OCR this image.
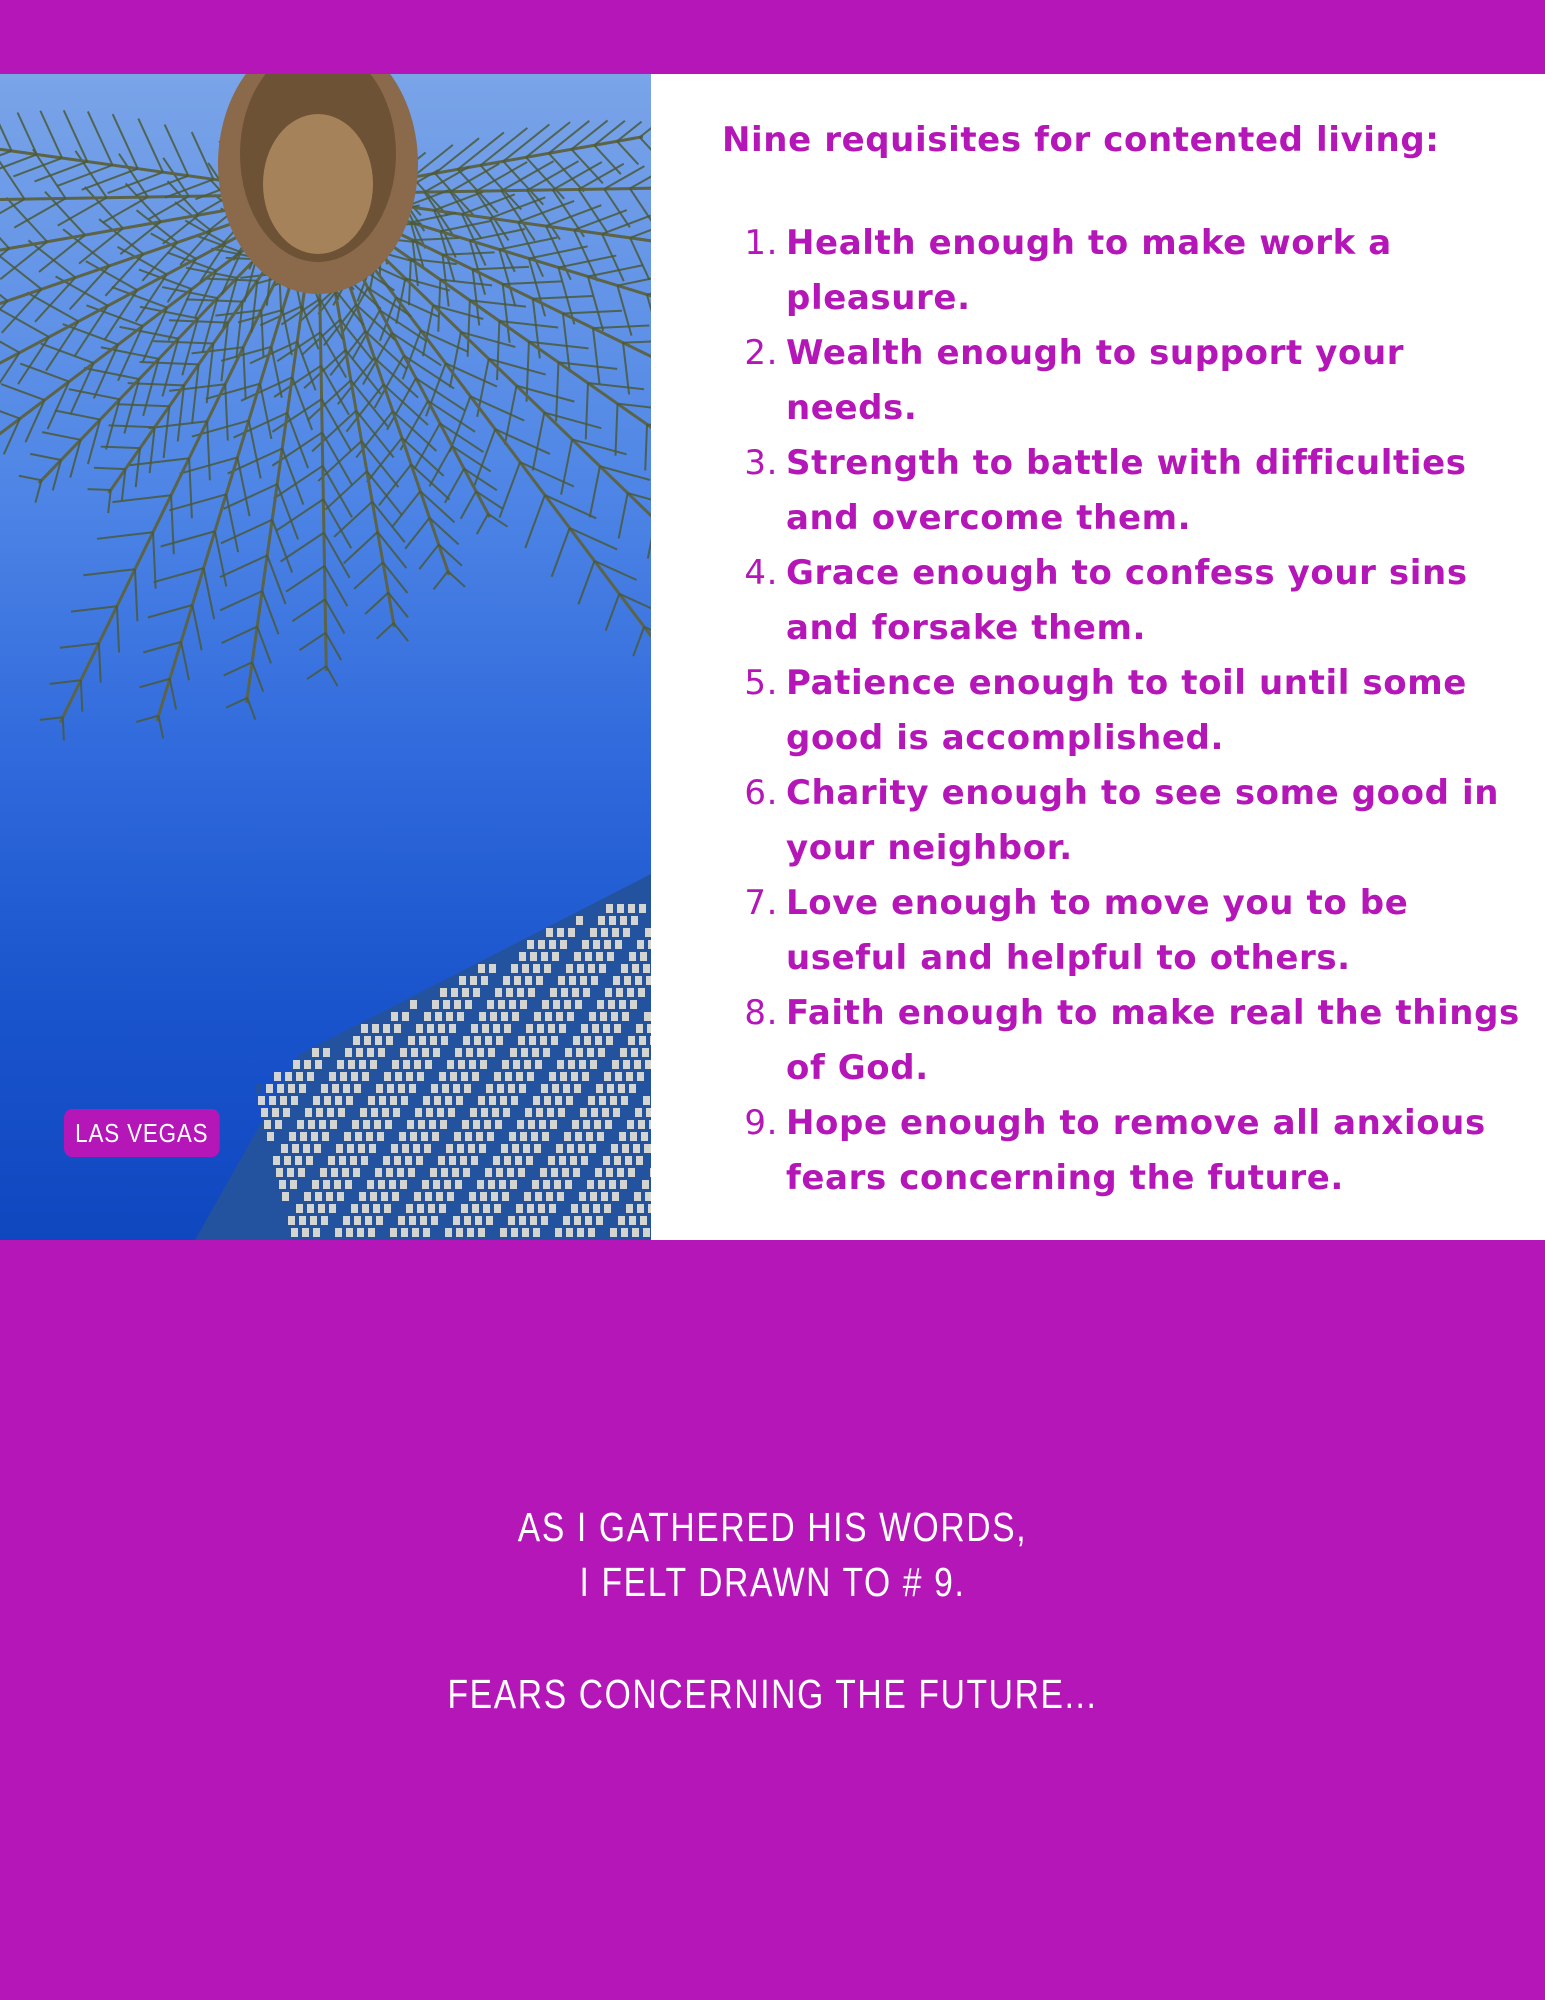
LAS VEGAS
Nine requisites for contented living:
1. Health enough to make work a pleasure.
2. Wealth enough to support your needs.
3. Strength to battle with difficulties and overcome them.
4. Grace enough to confess your sins and forsake them.
5. Patience enough to toil until some good is accomplished.
6. Charity enough to see some good in your neighbor.
7. Love enough to move you to be useful and helpful to others.
8. Faith enough to make real the things of God.
9. Hope enough to remove all anxious fears concerning the future.
AS I GATHERED HIS WORDS,
I FELT DRAWN TO # 9.
FEARS CONCERNING THE FUTURE...
